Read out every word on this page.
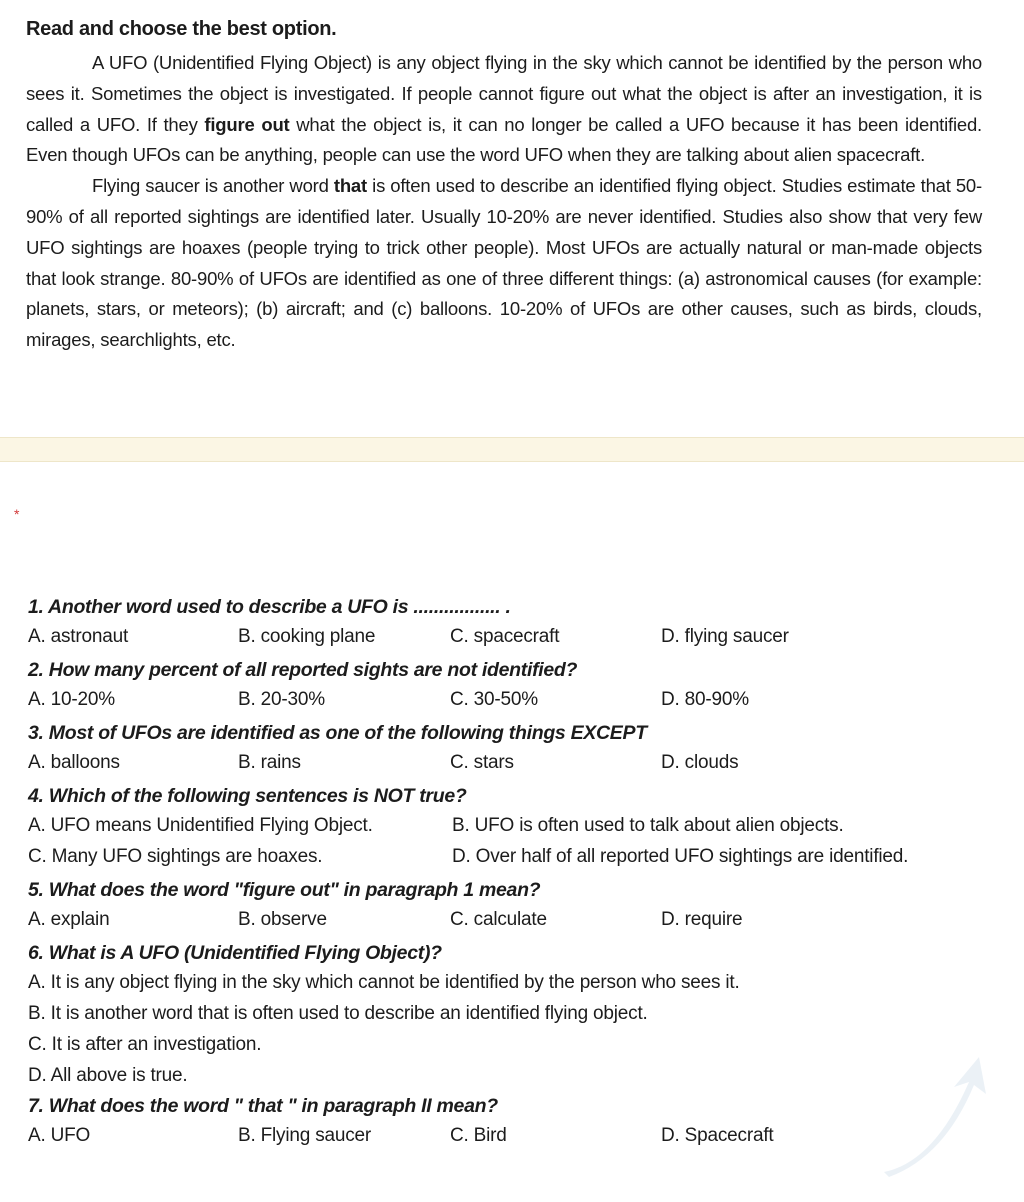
Read and choose the best option.

A UFO (Unidentified Flying Object) is any object flying in the sky which cannot be identified by the person who sees it. Sometimes the object is investigated. If people cannot figure out what the object is after an investigation, it is called a UFO. If they figure out what the object is, it can no longer be called a UFO because it has been identified. Even though UFOs can be anything, people can use the word UFO when they are talking about alien spacecraft.

Flying saucer is another word that is often used to describe an identified flying object. Studies estimate that 50-90% of all reported sightings are identified later. Usually 10-20% are never identified. Studies also show that very few UFO sightings are hoaxes (people trying to trick other people). Most UFOs are actually natural or man-made objects that look strange. 80-90% of UFOs are identified as one of three different things: (a) astronomical causes (for example: planets, stars, or meteors); (b) aircraft; and (c) balloons. 10-20% of UFOs are other causes, such as birds, clouds, mirages, searchlights, etc.

*
1. Another word used to describe a UFO is ................. .
A. astronaut	B. cooking plane	C. spacecraft	D. flying saucer
2. How many percent of all reported sights are not identified?
A. 10-20%	B. 20-30%	C. 30-50%	D. 80-90%
3. Most of UFOs are identified as one of the following things EXCEPT
A. balloons	B. rains	C. stars	D. clouds
4. Which of the following sentences is NOT true?
A. UFO means Unidentified Flying Object.	B. UFO is often used to talk about alien objects.
C. Many UFO sightings are hoaxes.	D. Over half of all reported UFO sightings are identified.
5. What does the word "figure out" in paragraph 1 mean?
A. explain	B. observe	C. calculate	D. require
6. What is A UFO (Unidentified Flying Object)?
A. It is any object flying in the sky which cannot be identified by the person who sees it.
B. It is another word that is often used to describe an identified flying object.
C. It is after an investigation.
D. All above is true.
7. What does the word " that " in paragraph II mean?
A. UFO	B. Flying saucer	C. Bird	D. Spacecraft
